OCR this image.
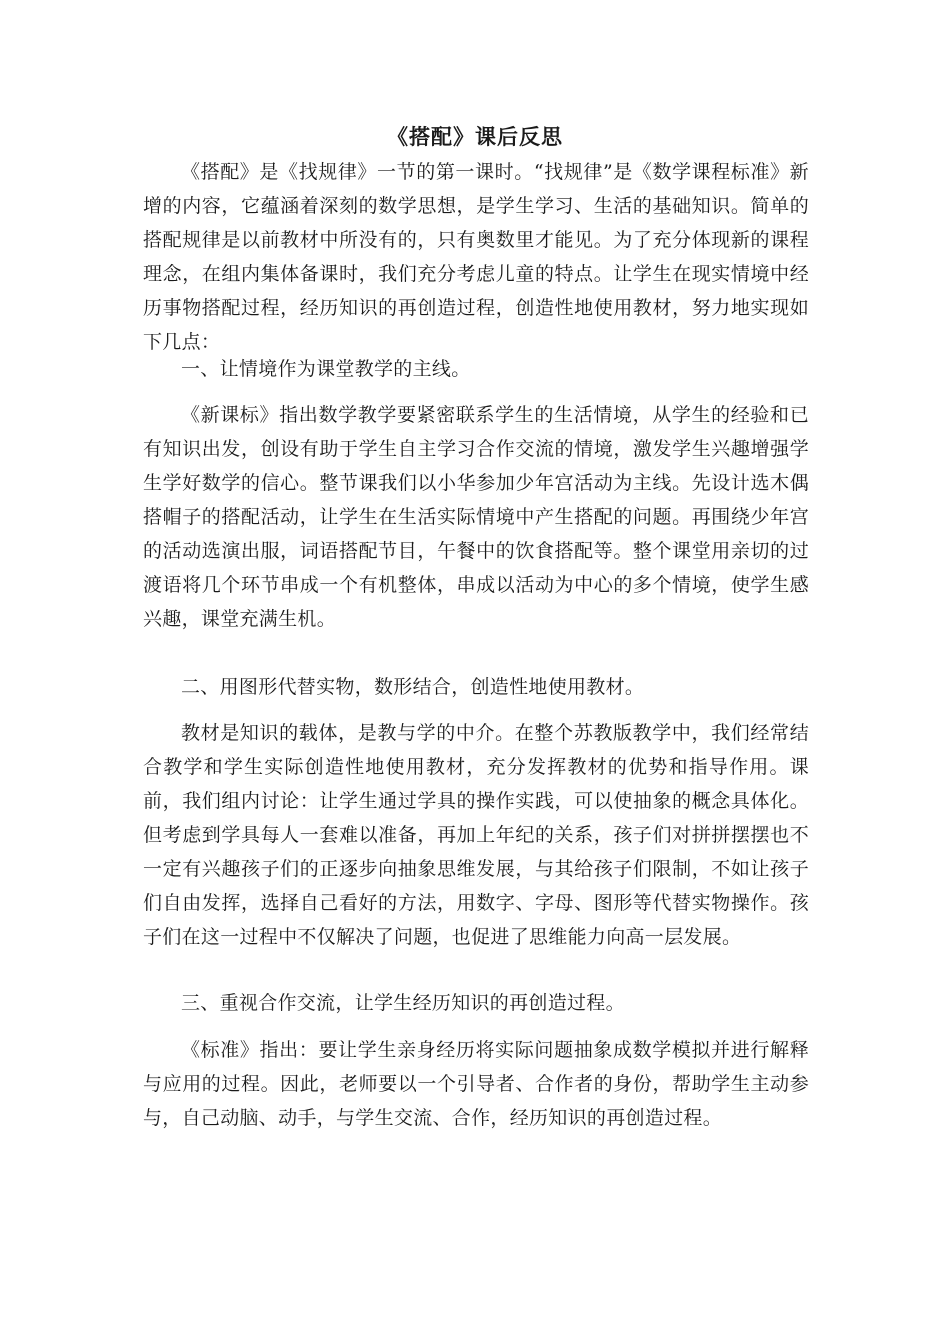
《搭配》课后反思

《搭配》是《找规律》一节的第一课时。“找规律”是《数学课程标准》新增的内容，它蕴涵着深刻的数学思想，是学生学习、生活的基础知识。简单的搭配规律是以前教材中所没有的，只有奥数里才能见。为了充分体现新的课程理念，在组内集体备课时，我们充分考虑儿童的特点。让学生在现实情境中经历事物搭配过程，经历知识的再创造过程，创造性地使用教材，努力地实现如下几点：

一、让情境作为课堂教学的主线。

《新课标》指出数学教学要紧密联系学生的生活情境，从学生的经验和已有知识出发，创设有助于学生自主学习合作交流的情境，激发学生兴趣增强学生学好数学的信心。整节课我们以小华参加少年宫活动为主线。先设计选木偶搭帽子的搭配活动，让学生在生活实际情境中产生搭配的问题。再围绕少年宫的活动选演出服，词语搭配节目，午餐中的饮食搭配等。整个课堂用亲切的过渡语将几个环节串成一个有机整体，串成以活动为中心的多个情境，使学生感兴趣，课堂充满生机。

二、用图形代替实物，数形结合，创造性地使用教材。

教材是知识的载体，是教与学的中介。在整个苏教版教学中，我们经常结合教学和学生实际创造性地使用教材，充分发挥教材的优势和指导作用。课前，我们组内讨论：让学生通过学具的操作实践，可以使抽象的概念具体化。但考虑到学具每人一套难以准备，再加上年纪的关系，孩子们对拼拼摆摆也不一定有兴趣孩子们的正逐步向抽象思维发展，与其给孩子们限制，不如让孩子们自由发挥，选择自己看好的方法，用数字、字母、图形等代替实物操作。孩子们在这一过程中不仅解决了问题，也促进了思维能力向高一层发展。

三、重视合作交流，让学生经历知识的再创造过程。

《标准》指出：要让学生亲身经历将实际问题抽象成数学模拟并进行解释与应用的过程。因此，老师要以一个引导者、合作者的身份，帮助学生主动参与，自己动脑、动手，与学生交流、合作，经历知识的再创造过程。
